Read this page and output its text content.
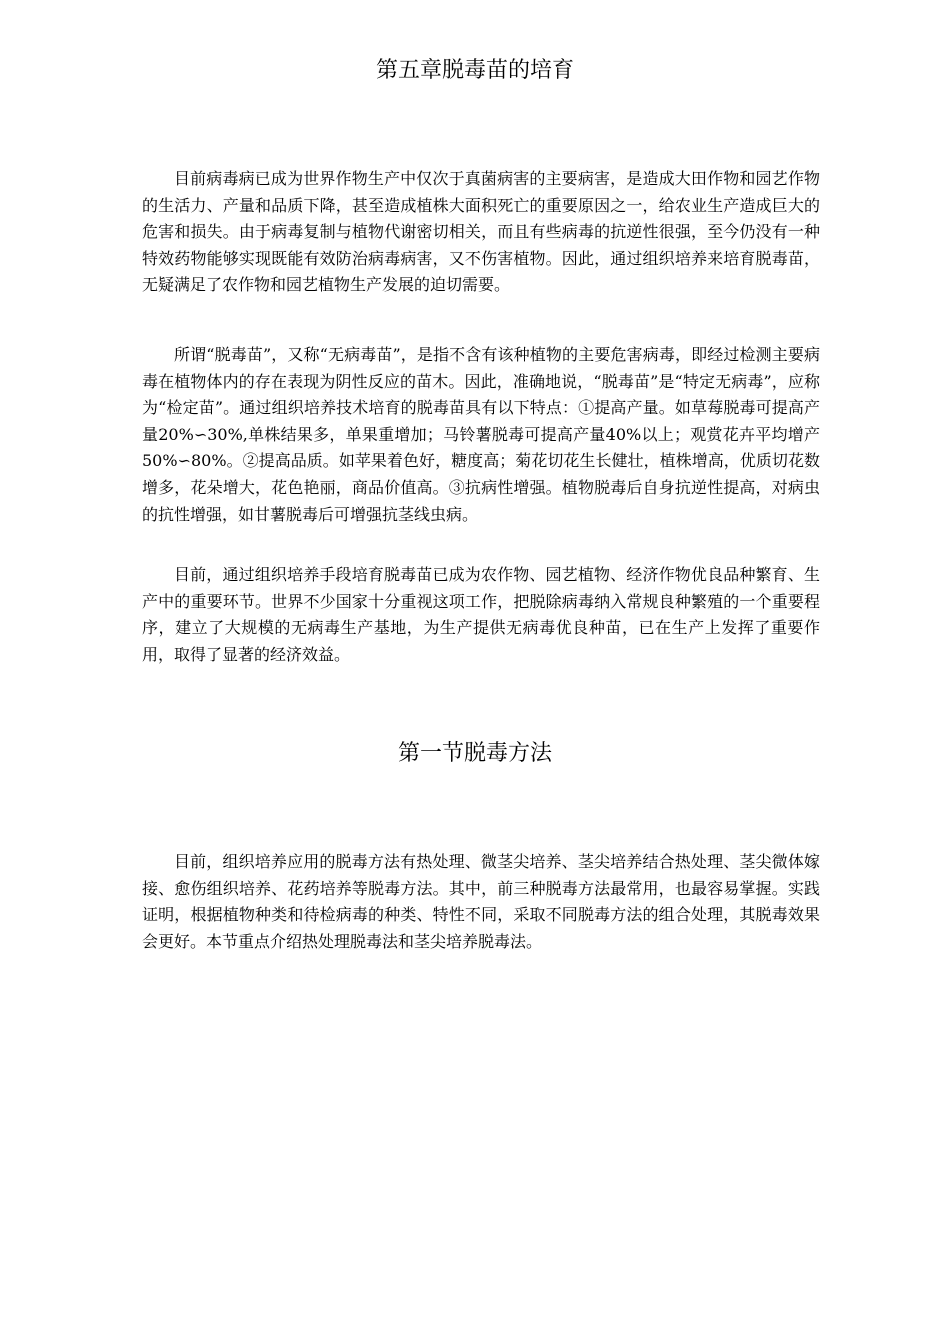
第五章脱毒苗的培育

目前病毒病已成为世界作物生产中仅次于真菌病害的主要病害，是造成大田作物和园艺作物的生活力、产量和品质下降，甚至造成植株大面积死亡的重要原因之一，给农业生产造成巨大的危害和损失。由于病毒复制与植物代谢密切相关，而且有些病毒的抗逆性很强，至今仍没有一种特效药物能够实现既能有效防治病毒病害，又不伤害植物。因此，通过组织培养来培育脱毒苗，无疑满足了农作物和园艺植物生产发展的迫切需要。

所谓“脱毒苗”，又称“无病毒苗”，是指不含有该种植物的主要危害病毒，即经过检测主要病毒在植物体内的存在表现为阴性反应的苗木。因此，准确地说，“脱毒苗”是“特定无病毒”，应称为“检定苗”。通过组织培养技术培育的脱毒苗具有以下特点：①提高产量。如草莓脱毒可提高产量20%∽30%,单株结果多，单果重增加；马铃薯脱毒可提高产量40%以上；观赏花卉平均增产50%∽80%。②提高品质。如苹果着色好，糖度高；菊花切花生长健壮，植株增高，优质切花数增多，花朵增大，花色艳丽，商品价值高。③抗病性增强。植物脱毒后自身抗逆性提高，对病虫的抗性增强，如甘薯脱毒后可增强抗茎线虫病。

目前，通过组织培养手段培育脱毒苗已成为农作物、园艺植物、经济作物优良品种繁育、生产中的重要环节。世界不少国家十分重视这项工作，把脱除病毒纳入常规良种繁殖的一个重要程序，建立了大规模的无病毒生产基地，为生产提供无病毒优良种苗，已在生产上发挥了重要作用，取得了显著的经济效益。

第一节脱毒方法

目前，组织培养应用的脱毒方法有热处理、微茎尖培养、茎尖培养结合热处理、茎尖微体嫁接、愈伤组织培养、花药培养等脱毒方法。其中，前三种脱毒方法最常用，也最容易掌握。实践证明，根据植物种类和待检病毒的种类、特性不同，采取不同脱毒方法的组合处理，其脱毒效果会更好。本节重点介绍热处理脱毒法和茎尖培养脱毒法。
